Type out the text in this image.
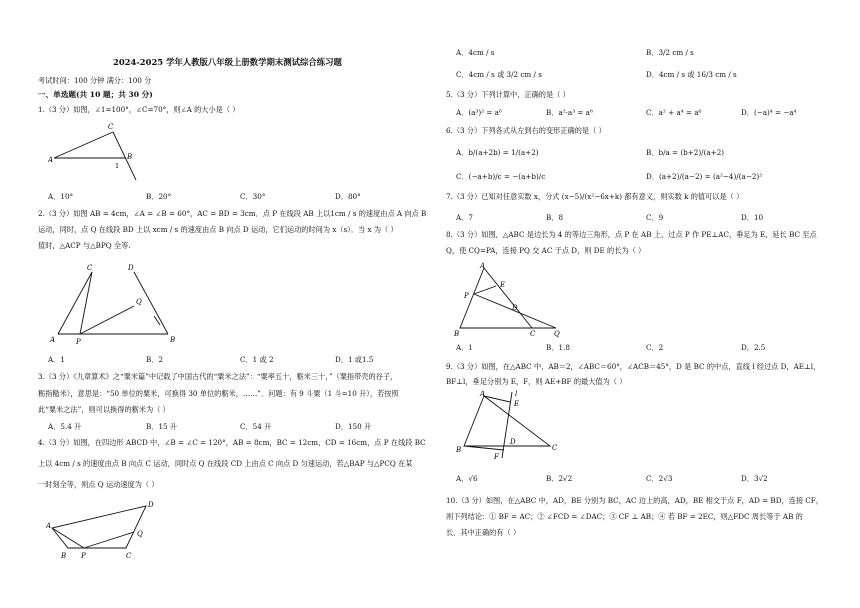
2024-2025 学年人教版八年级上册数学期末测试综合练习题
考试时间：100 分钟 满分：100 分
一、单选题(共 10 题；共 30 分)
1.（3 分）如图，∠1=100°，∠C=70°，则∠A 的大小是（ ）
A
C
B
1
A．10°	B．20°	C．30°	D．80°
2.（3 分）如图 AB = 4cm，∠A = ∠B = 60°，AC = BD = 3cm．点 P 在线段 AB 上以1cm / s 的速度由点 A 向点 B
运动，同时，点 Q 在线段 BD 上以 xcm / s 的速度由点 B 向点 D 运动，它们运动的时间为 x（s）．当 x 为（ ）
值时，△ACP 与△BPQ 全等.
A
C	D
B
P
Q
A．1	B．2	C．1 或 2	D．1 或1.5
3.（3 分）《九章算术》之“粟米篇”中记载了中国古代的“粟米之法”：“粟率五十，粝米三十，”（粟指带壳的谷子，
粝指糙米），意思是：“50 单位的粟米，可换得 30 单位的粝米，……”．问题：有 9 斗粟（1 斗=10 升），若按照
此“粟米之法”，则可以换得的粝米为（ ）
A．5.4 升	B．15 升	C．54 升	D．150 升
4.（3 分）如图，在四边形 ABCD 中，∠B = ∠C = 120°，AB = 8cm，BC = 12cm，CD = 16cm，点 P 在线段 BC
上以 4cm / s 的速度由点 B 向点 C 运动，同时点 Q 在线段 CD 上由点 C 向点 D 匀速运动，若△BAP 与△PCQ 在某
一时刻全等，则点 Q 运动速度为（ ）
A
B P	C
D
Q
A．4cm / s	B．3/2 cm / s
C．4cm / s 或 3/2 cm / s	D．4cm / s 或 16/3 cm / s
5.（3 分）下列计算中，正确的是（ ）
A．(a³)² = a⁶	B．a²·a³ = a⁶	C．a² + a⁴ = a⁶	D．(−a)⁴ = −a⁴
6.（3 分）下列各式从左到右的变形正确的是（ ）
A．b/(a+2b) = 1/(a+2)	B．b/a = (b+2)/(a+2)
C．(−a+b)/c = −(a+b)/c	D．(a+2)/(a−2) = (a²−4)/(a−2)²
7.（3 分）已知对任意实数 x，分式 (x−5)/(x²−6x+k) 都有意义，则实数 k 的值可以是（ ）
A．7	B．8	C．9	D．10
8.（3 分）如图，△ABC 是边长为 4 的等边三角形，点 P 在 AB 上，过点 P 作 PE⊥AC，垂足为 E，延长 BC 至点
Q，使 CQ=PA，连接 PQ 交 AC 于点 D，则 DE 的长为（ ）
A
P
E
D
B	C	Q
A．1	B．1.8	C．2	D．2.5
9.（3 分）如图，在△ABC 中，AB＝2，∠ABC＝60°，∠ACB＝45°，D 是 BC 的中点，直线 l 经过点 D，AE⊥l，
BF⊥l，垂足分别为 E，F，则 AE+BF 的最大值为（ ）
A	l
E
D
B	C
F
A．√6	B．2√2	C．2√3	D．3√2
10.（3 分）如图，在△ABC 中，AD，BE 分别为 BC，AC 边上的高，AD，BE 相交于点 F，AD = BD，连接 CF，
则下列结论：① BF = AC；② ∠FCD = ∠DAC；③ CF ⊥ AB；④ 若 BF = 2EC，则△FDC 周长等于 AB 的
长．其中正确的有（ ）
